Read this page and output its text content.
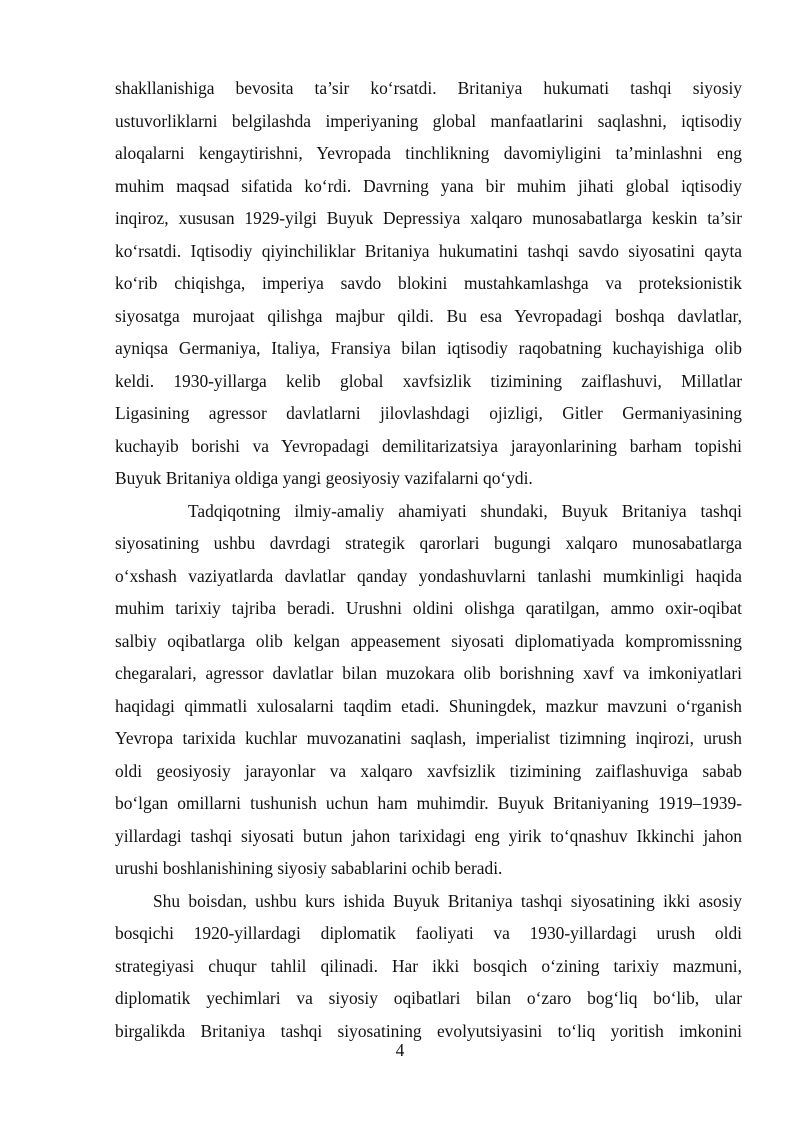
shakllanishiga bevosita ta’sir ko‘rsatdi. Britaniya hukumati tashqi siyosiy
ustuvorliklarni belgilashda imperiyaning global manfaatlarini saqlashni, iqtisodiy
aloqalarni kengaytirishni, Yevropada tinchlikning davomiyligini ta’minlashni eng
muhim maqsad sifatida ko‘rdi. Davrning yana bir muhim jihati global iqtisodiy
inqiroz, xususan 1929-yilgi Buyuk Depressiya xalqaro munosabatlarga keskin ta’sir
ko‘rsatdi. Iqtisodiy qiyinchiliklar Britaniya hukumatini tashqi savdo siyosatini qayta
ko‘rib chiqishga, imperiya savdo blokini mustahkamlashga va proteksionistik
siyosatga murojaat qilishga majbur qildi. Bu esa Yevropadagi boshqa davlatlar,
ayniqsa Germaniya, Italiya, Fransiya bilan iqtisodiy raqobatning kuchayishiga olib
keldi. 1930-yillarga kelib global xavfsizlik tizimining zaiflashuvi, Millatlar
Ligasining agressor davlatlarni jilovlashdagi ojizligi, Gitler Germaniyasining
kuchayib borishi va Yevropadagi demilitarizatsiya jarayonlarining barham topishi
Buyuk Britaniya oldiga yangi geosiyosiy vazifalarni qo‘ydi.
Tadqiqotning ilmiy-amaliy ahamiyati shundaki, Buyuk Britaniya tashqi
siyosatining ushbu davrdagi strategik qarorlari bugungi xalqaro munosabatlarga
o‘xshash vaziyatlarda davlatlar qanday yondashuvlarni tanlashi mumkinligi haqida
muhim tarixiy tajriba beradi. Urushni oldini olishga qaratilgan, ammo oxir-oqibat
salbiy oqibatlarga olib kelgan appeasement siyosati diplomatiyada kompromissning
chegaralari, agressor davlatlar bilan muzokara olib borishning xavf va imkoniyatlari
haqidagi qimmatli xulosalarni taqdim etadi. Shuningdek, mazkur mavzuni o‘rganish
Yevropa tarixida kuchlar muvozanatini saqlash, imperialist tizimning inqirozi, urush
oldi geosiyosiy jarayonlar va xalqaro xavfsizlik tizimining zaiflashuviga sabab
bo‘lgan omillarni tushunish uchun ham muhimdir. Buyuk Britaniyaning 1919–1939-
yillardagi tashqi siyosati butun jahon tarixidagi eng yirik to‘qnashuv Ikkinchi jahon
urushi boshlanishining siyosiy sabablarini ochib beradi.
Shu boisdan, ushbu kurs ishida Buyuk Britaniya tashqi siyosatining ikki asosiy
bosqichi 1920-yillardagi diplomatik faoliyati va 1930-yillardagi urush oldi
strategiyasi chuqur tahlil qilinadi. Har ikki bosqich o‘zining tarixiy mazmuni,
diplomatik yechimlari va siyosiy oqibatlari bilan o‘zaro bog‘liq bo‘lib, ular
birgalikda Britaniya tashqi siyosatining evolyutsiyasini to‘liq yoritish imkonini
4
